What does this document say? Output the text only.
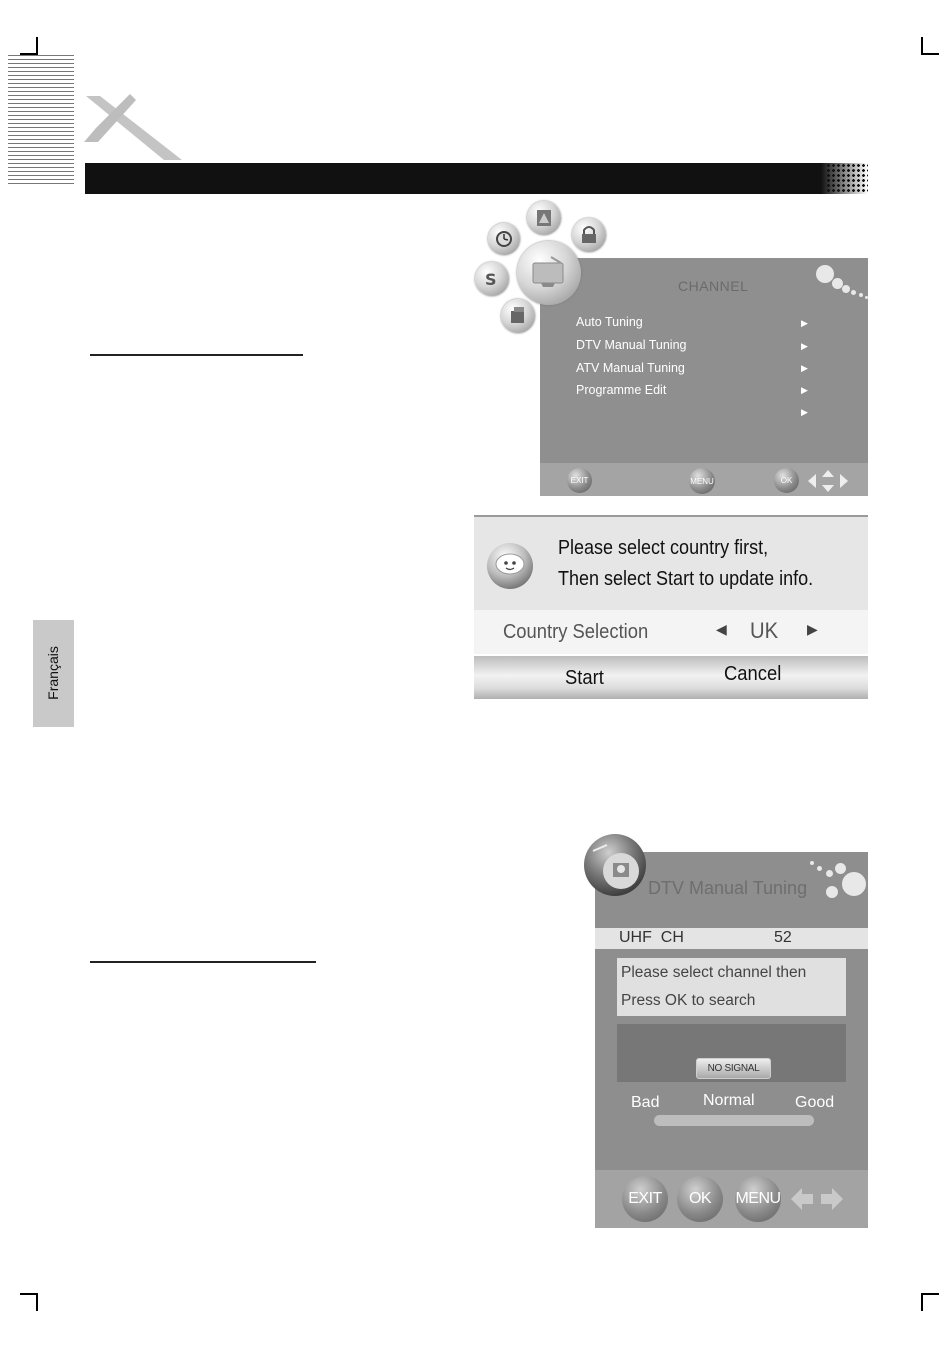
Français
S	CHANNEL
Auto Tuning
DTV Manual Tuning
ATV Manual Tuning
Programme Edit
▶
▶
▶
▶
▶
EXIT	MENU	OK
Please select country first,
Then select Start to update info.
Country Selection	◀ UK ▶
Start	Cancel
DTV Manual Tuning
UHF  CH	52
Please select channel then
Press OK to search
NO SIGNAL
Bad	Normal	Good
EXIT	OK	MENU
